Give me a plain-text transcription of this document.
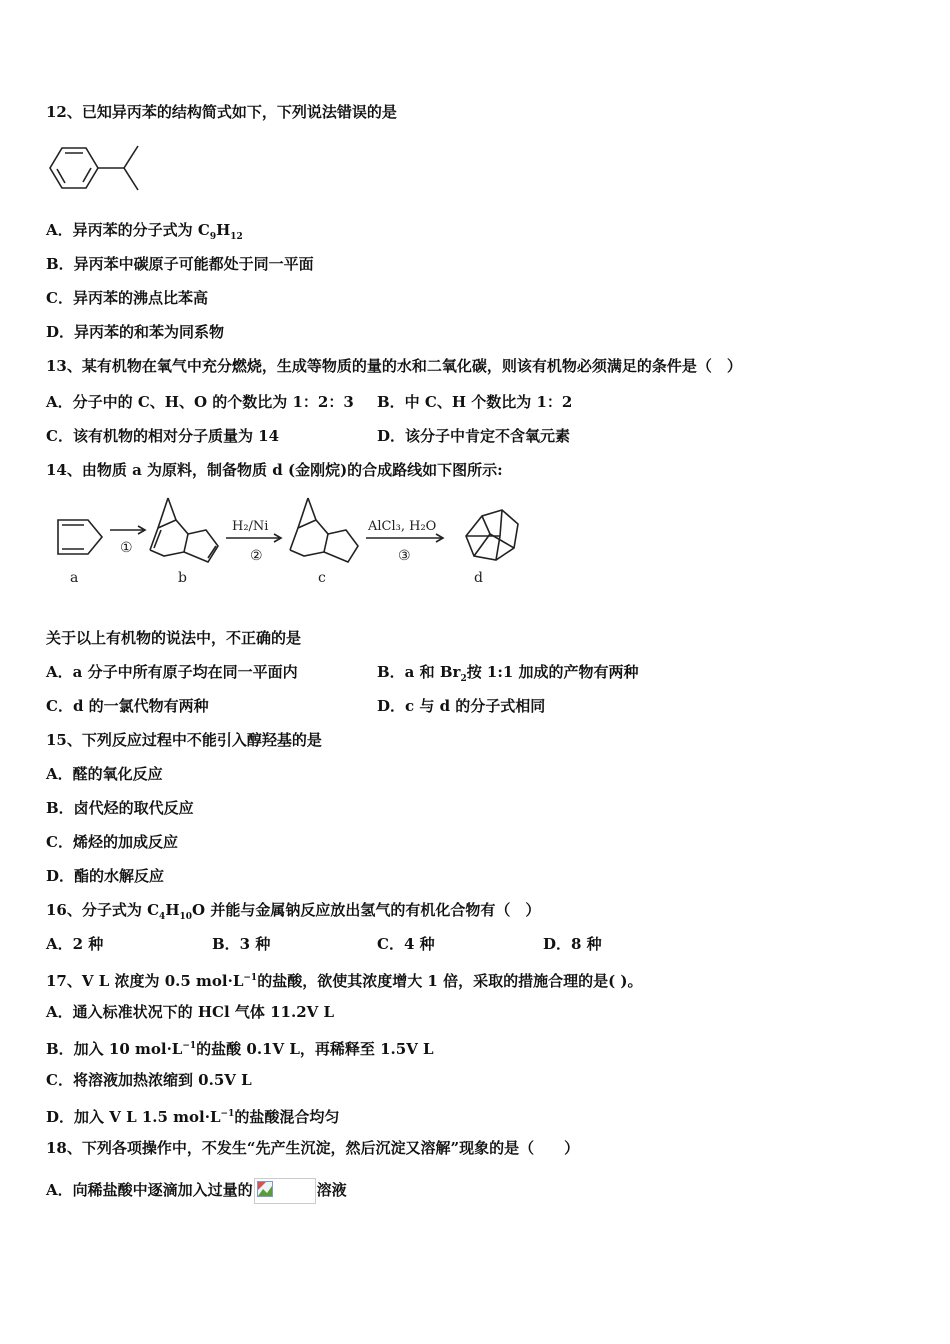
12、已知异丙苯的结构简式如下，下列说法错误的是
A．异丙苯的分子式为 $C_9H_{12}$
B．异丙苯中碳原子可能都处于同一平面
C．异丙苯的沸点比苯高
D．异丙苯的和苯为同系物
13、某有机物在氧气中充分燃烧，生成等物质的量的水和二氧化碳，则该有机物必须满足的条件是（　）
A．分子中的 C、H、O 的个数比为 1：2：3 B．中 C、H 个数比为 1：2
C．该有机物的相对分子质量为 14	D．该分子中肯定不含氧元素
14、由物质 a 为原料，制备物质 d (金刚烷)的合成路线如下图所示:
a	b	c	d
①
H₂/Ni
②
AlCl₃, H₂O
③
关于以上有机物的说法中，不正确的是
A．a 分子中所有原子均在同一平面内	B．a 和 $Br_2$按 1:1 加成的产物有两种
C．d 的一氯代物有两种	D．c 与 d 的分子式相同
15、下列反应过程中不能引入醇羟基的是
A．醛的氧化反应
B．卤代烃的取代反应
C．烯烃的加成反应
D．酯的水解反应
16、分子式为 $C_4H_{10}O$ 并能与金属钠反应放出氢气的有机化合物有（　）
A．2 种	B．3 种	C．4 种	D．8 种
17、V L 浓度为 0.5 $mol\cdot L^{-1}$的盐酸，欲使其浓度增大 1 倍，采取的措施合理的是( )。
A．通入标准状况下的 HCl 气体 11.2V L
B．加入 10 $mol\cdot L^{-1}$的盐酸 0.1V L，再稀释至 1.5V L
C．将溶液加热浓缩到 0.5V L
D．加入 V L 1.5 $mol\cdot L^{-1}$的盐酸混合均匀
18、下列各项操作中，不发生“先产生沉淀，然后沉淀又溶解”现象的是（　　）
A．向稀盐酸中逐滴加入过量的	溶液
